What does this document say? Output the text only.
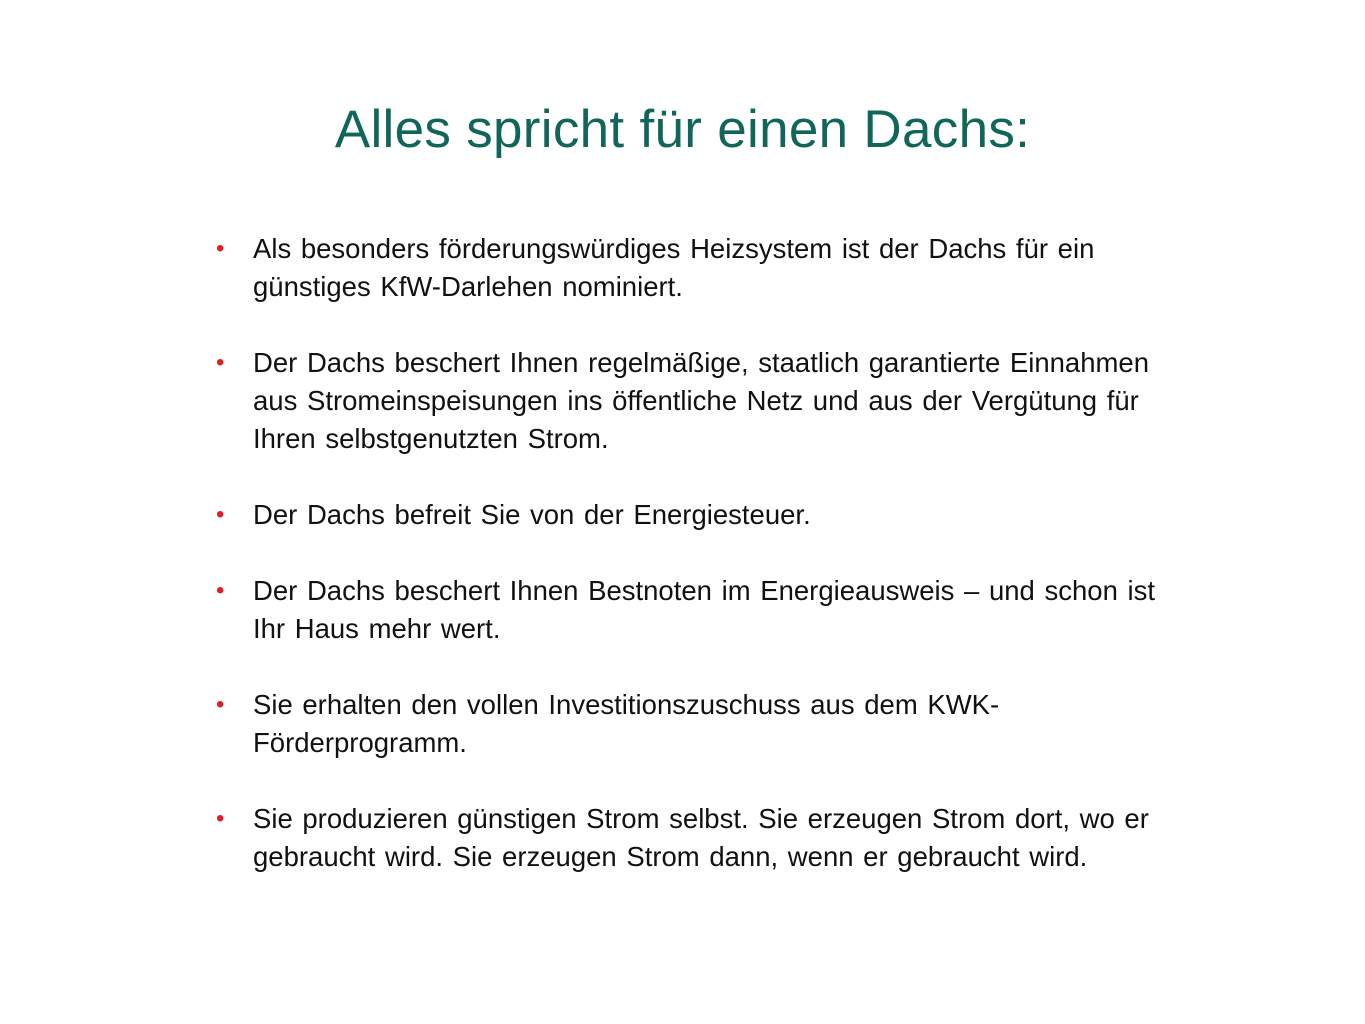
Alles spricht für einen Dachs:
•	Als besonders förderungswürdiges Heizsystem ist der Dachs für ein günstiges KfW-Darlehen nominiert.
•	Der Dachs beschert Ihnen regelmäßige, staatlich garantierte Einnahmen aus Stromeinspeisungen ins öffentliche Netz und aus der Vergütung für Ihren selbstgenutzten Strom.
•	Der Dachs befreit Sie von der Energiesteuer.
•	Der Dachs beschert Ihnen Bestnoten im Energieausweis – und schon ist Ihr Haus mehr wert.
•	Sie erhalten den vollen Investitionszuschuss aus dem KWK-Förderprogramm.
•	Sie produzieren günstigen Strom selbst. Sie erzeugen Strom dort, wo er gebraucht wird. Sie erzeugen Strom dann, wenn er gebraucht wird.
